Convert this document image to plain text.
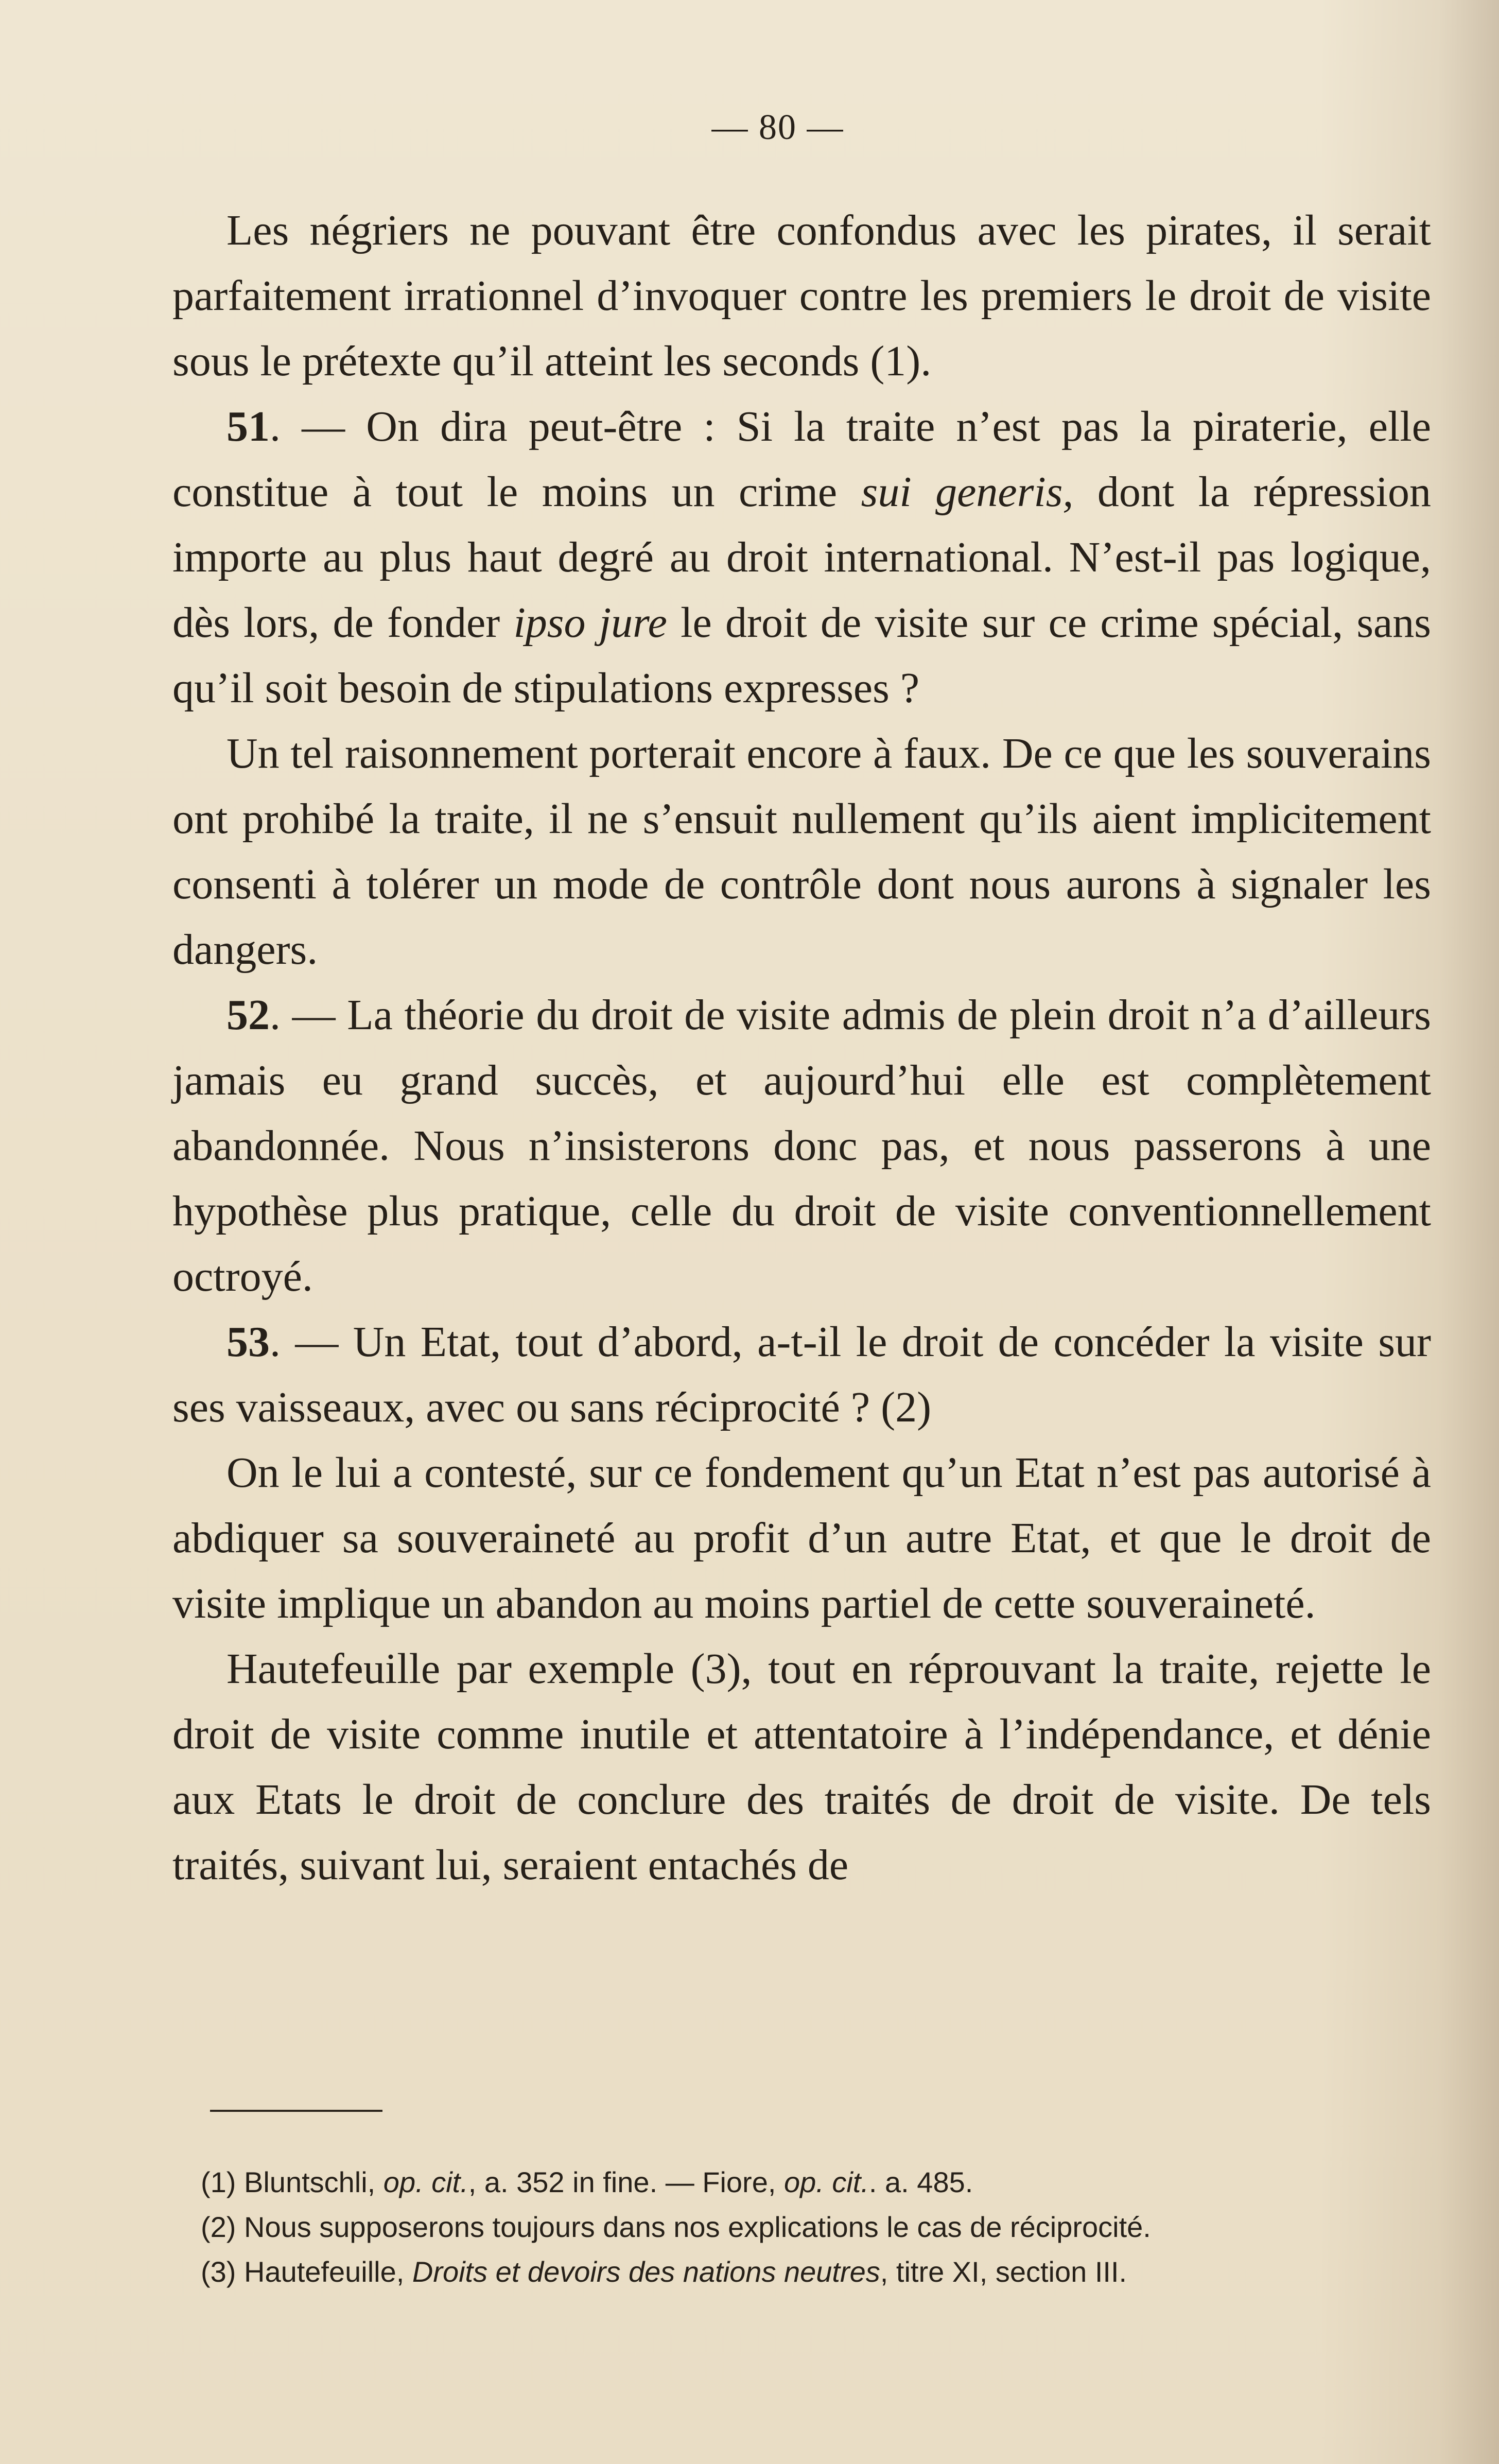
— 80 —

Les négriers ne pouvant être confondus avec les pirates, il serait parfaitement irrationnel d’invoquer contre les premiers le droit de visite sous le prétexte qu’il atteint les seconds (1).

51. — On dira peut-être : Si la traite n’est pas la piraterie, elle constitue à tout le moins un crime sui generis, dont la répression importe au plus haut degré au droit international. N’est-il pas logique, dès lors, de fonder ipso jure le droit de visite sur ce crime spécial, sans qu’il soit besoin de stipulations expresses ?

Un tel raisonnement porterait encore à faux. De ce que les souverains ont prohibé la traite, il ne s’ensuit nullement qu’ils aient implicitement consenti à tolérer un mode de contrôle dont nous aurons à signaler les dangers.

52. — La théorie du droit de visite admis de plein droit n’a d’ailleurs jamais eu grand succès, et aujourd’hui elle est complètement abandonnée. Nous n’insisterons donc pas, et nous passerons à une hypothèse plus pratique, celle du droit de visite conventionnellement octroyé.

53. — Un Etat, tout d’abord, a-t-il le droit de concéder la visite sur ses vaisseaux, avec ou sans réciprocité ? (2)

On le lui a contesté, sur ce fondement qu’un Etat n’est pas autorisé à abdiquer sa souveraineté au profit d’un autre Etat, et que le droit de visite implique un abandon au moins partiel de cette souveraineté.

Hautefeuille par exemple (3), tout en réprouvant la traite, rejette le droit de visite comme inutile et attentatoire à l’indépendance, et dénie aux Etats le droit de conclure des traités de droit de visite. De tels traités, suivant lui, seraient entachés de

(1) Bluntschli, op. cit., a. 352 in fine. — Fiore, op. cit.. a. 485.

(2) Nous supposerons toujours dans nos explications le cas de réciprocité.

(3) Hautefeuille, Droits et devoirs des nations neutres, titre XI, section III.
